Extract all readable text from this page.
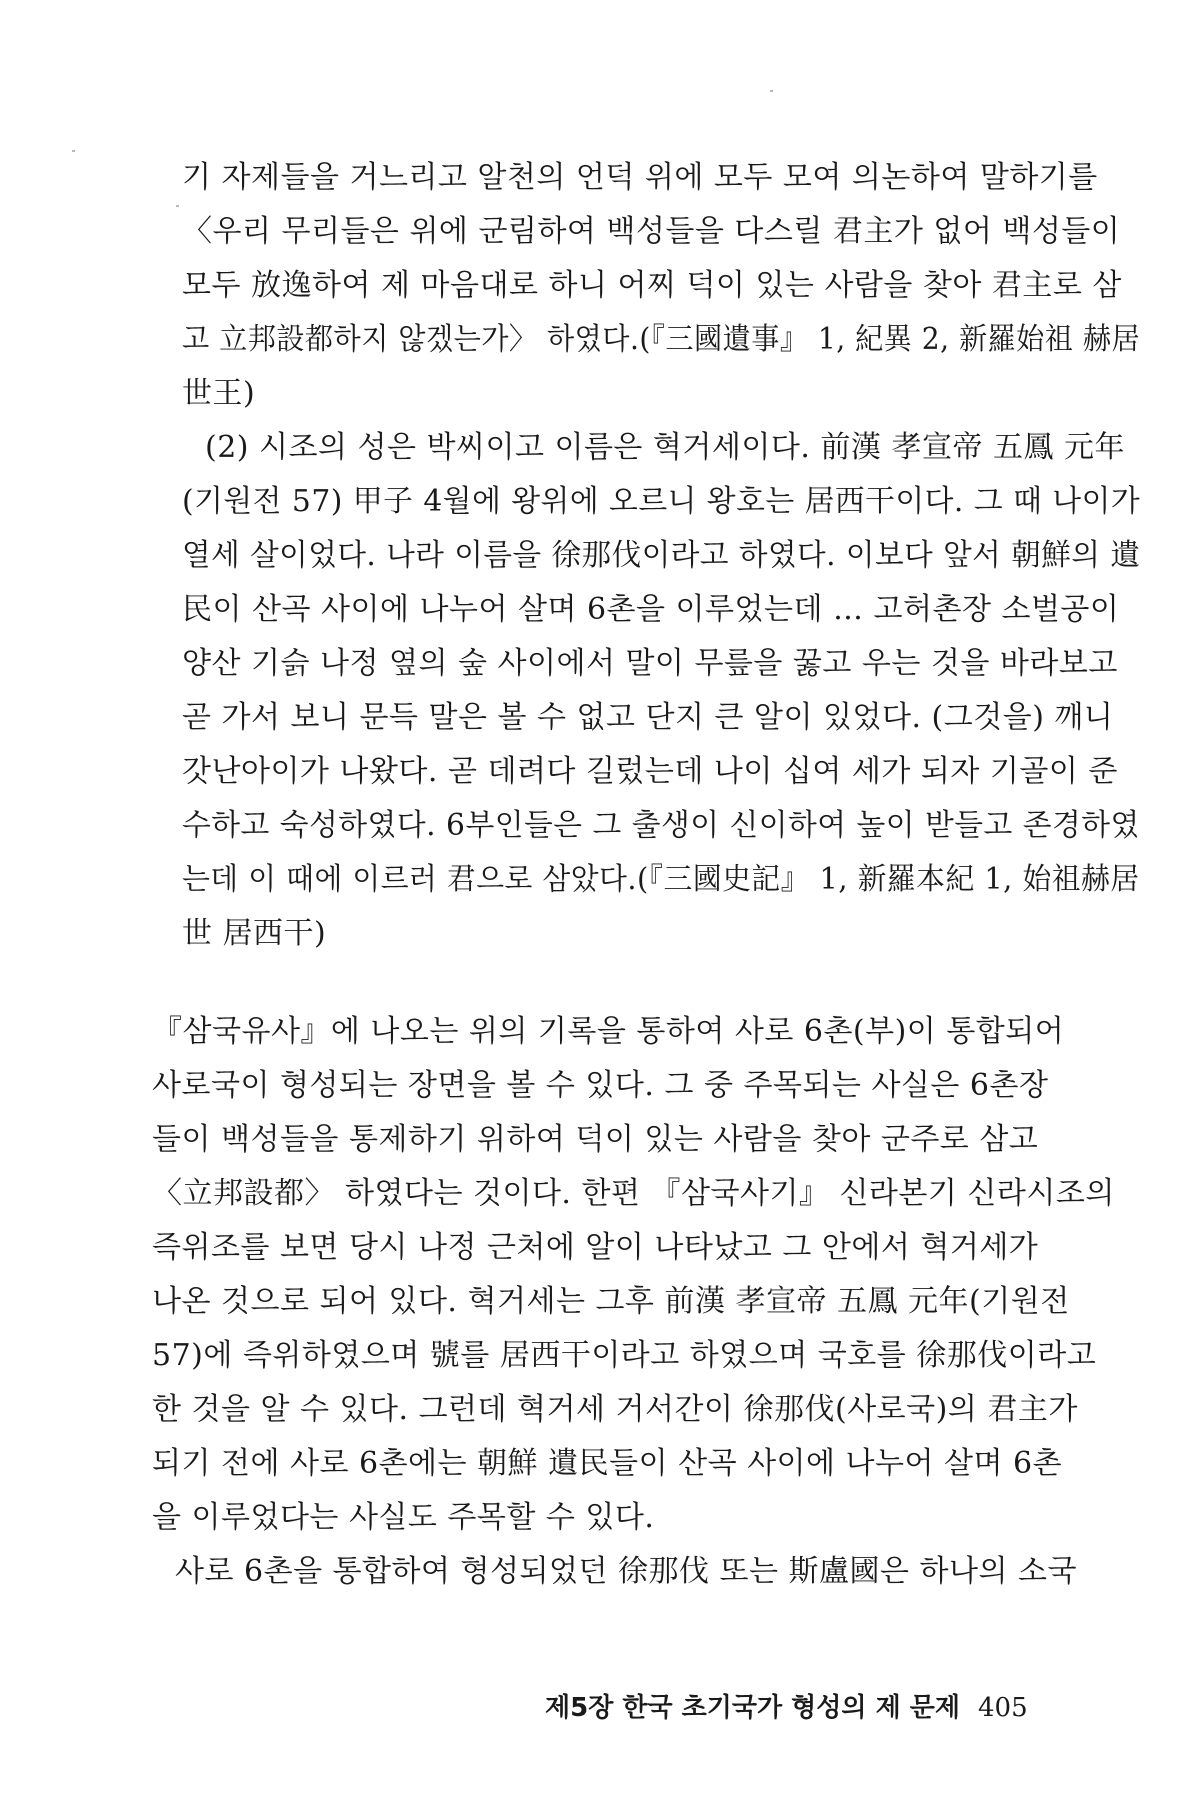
기 자제들을 거느리고 알천의 언덕 위에 모두 모여 의논하여 말하기를
〈우리 무리들은 위에 군림하여 백성들을 다스릴 君主가 없어 백성들이
모두 放逸하여 제 마음대로 하니 어찌 덕이 있는 사람을 찾아 君主로 삼
고 立邦設都하지 않겠는가〉 하였다.(『三國遺事』 1, 紀異 2, 新羅始祖 赫居
世王)
(2) 시조의 성은 박씨이고 이름은 혁거세이다. 前漢 孝宣帝 五鳳 元年
(기원전 57) 甲子 4월에 왕위에 오르니 왕호는 居西干이다. 그 때 나이가
열세 살이었다. 나라 이름을 徐那伐이라고 하였다. 이보다 앞서 朝鮮의 遺
民이 산곡 사이에 나누어 살며 6촌을 이루었는데 … 고허촌장 소벌공이
양산 기슭 나정 옆의 숲 사이에서 말이 무릎을 꿇고 우는 것을 바라보고
곧 가서 보니 문득 말은 볼 수 없고 단지 큰 알이 있었다. (그것을) 깨니
갓난아이가 나왔다. 곧 데려다 길렀는데 나이 십여 세가 되자 기골이 준
수하고 숙성하였다. 6부인들은 그 출생이 신이하여 높이 받들고 존경하였
는데 이 때에 이르러 君으로 삼았다.(『三國史記』 1, 新羅本紀 1, 始祖赫居
世 居西干)
『삼국유사』에 나오는 위의 기록을 통하여 사로 6촌(부)이 통합되어
사로국이 형성되는 장면을 볼 수 있다. 그 중 주목되는 사실은 6촌장
들이 백성들을 통제하기 위하여 덕이 있는 사람을 찾아 군주로 삼고
〈立邦設都〉 하였다는 것이다. 한편 『삼국사기』 신라본기 신라시조의
즉위조를 보면 당시 나정 근처에 알이 나타났고 그 안에서 혁거세가
나온 것으로 되어 있다. 혁거세는 그후 前漢 孝宣帝 五鳳 元年(기원전
57)에 즉위하였으며 號를 居西干이라고 하였으며 국호를 徐那伐이라고
한 것을 알 수 있다. 그런데 혁거세 거서간이 徐那伐(사로국)의 君主가
되기 전에 사로 6촌에는 朝鮮 遺民들이 산곡 사이에 나누어 살며 6촌
을 이루었다는 사실도 주목할 수 있다.
사로 6촌을 통합하여 형성되었던 徐那伐 또는 斯盧國은 하나의 소국
제5장 한국 초기국가 형성의 제 문제 405
